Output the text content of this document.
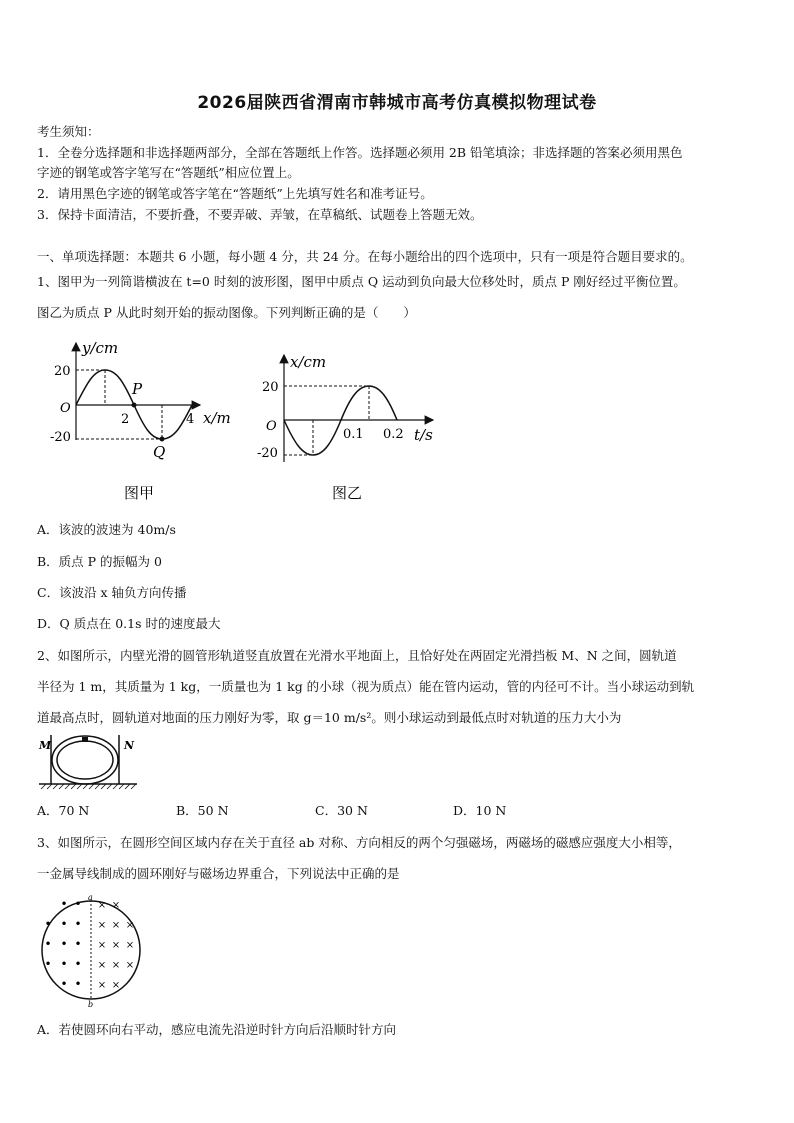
2026届陕西省渭南市韩城市高考仿真模拟物理试卷
考生须知：
1．全卷分选择题和非选择题两部分，全部在答题纸上作答。选择题必须用 2B 铅笔填涂；非选择题的答案必须用黑色
字迹的钢笔或答字笔写在“答题纸”相应位置上。
2．请用黑色字迹的钢笔或答字笔在“答题纸”上先填写姓名和准考证号。
3．保持卡面清洁，不要折叠，不要弄破、弄皱，在草稿纸、试题卷上答题无效。
一、单项选择题：本题共 6 小题，每小题 4 分，共 24 分。在每小题给出的四个选项中，只有一项是符合题目要求的。
1、图甲为一列简谐横波在 t=0 时刻的波形图，图甲中质点 Q 运动到负向最大位移处时，质点 P 刚好经过平衡位置。
图乙为质点 P 从此时刻开始的振动图像。下列判断正确的是（　　）
y/cm
20
-20
O
2	4 x/m
P
Q
图甲
x/cm
20
-20
O
0.1 0.2 t/s
图乙
A．该波的波速为 40m/s
B．质点 P 的振幅为 0
C．该波沿 x 轴负方向传播
D．Q 质点在 0.1s 时的速度最大
2、如图所示，内壁光滑的圆管形轨道竖直放置在光滑水平地面上，且恰好处在两固定光滑挡板 M、N 之间，圆轨道
半径为 1 m，其质量为 1 kg，一质量也为 1 kg 的小球（视为质点）能在管内运动，管的内径可不计。当小球运动到轨
道最高点时，圆轨道对地面的压力刚好为零，取 g＝10 m/s²。则小球运动到最低点时对轨道的压力大小为
M	N
A．70 N	B．50 N	C．30 N	D．10 N
3、如图所示，在圆形空间区域内存在关于直径 ab 对称、方向相反的两个匀强磁场，两磁场的磁感应强度大小相等，
一金属导线制成的圆环刚好与磁场边界重合，下列说法中正确的是
a
b
• •
• • •
• • •
• • •
• •
× ×
× × ×
× × ×
× × ×
× ×
A．若使圆环向右平动，感应电流先沿逆时针方向后沿顺时针方向
